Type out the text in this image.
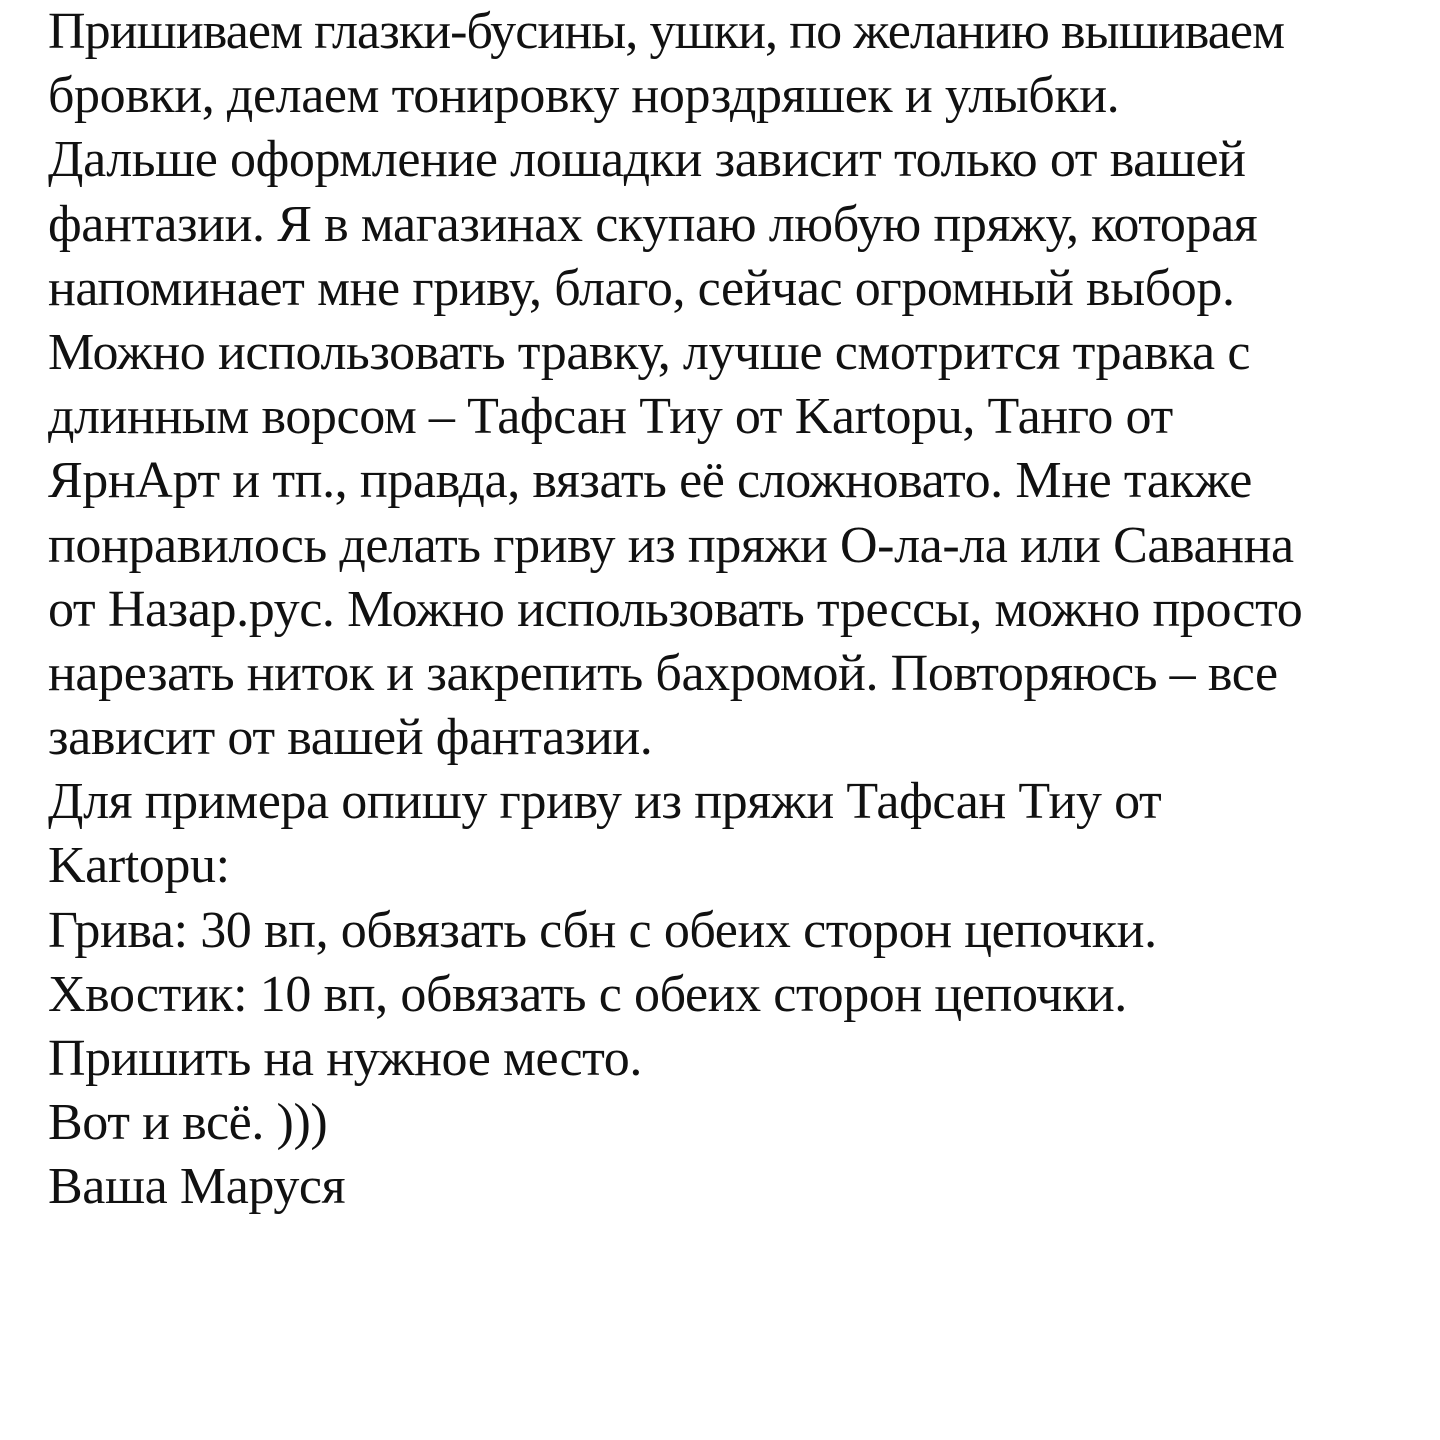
Пришиваем глазки-бусины, ушки, по желанию вышиваем
бровки, делаем тонировку норздряшек и улыбки.
Дальше оформление лошадки зависит только от вашей
фантазии. Я в магазинах скупаю любую пряжу, которая
напоминает мне гриву, благо, сейчас огромный выбор.
Можно использовать травку, лучше смотрится травка с
длинным ворсом – Тафсан Тиу от Kartopu, Танго от
ЯрнАрт и тп., правда, вязать её сложновато. Мне также
понравилось делать гриву из пряжи О-ла-ла или Саванна
от Назар.рус. Можно использовать трессы, можно просто
нарезать ниток и закрепить бахромой. Повторяюсь – все
зависит от вашей фантазии.
Для примера опишу гриву из пряжи Тафсан Тиу от
Kartopu:
Грива: 30 вп, обвязать сбн с обеих сторон цепочки.
Хвостик: 10 вп, обвязать с обеих сторон цепочки.
Пришить на нужное место.
Вот и всё. )))
Ваша Маруся
